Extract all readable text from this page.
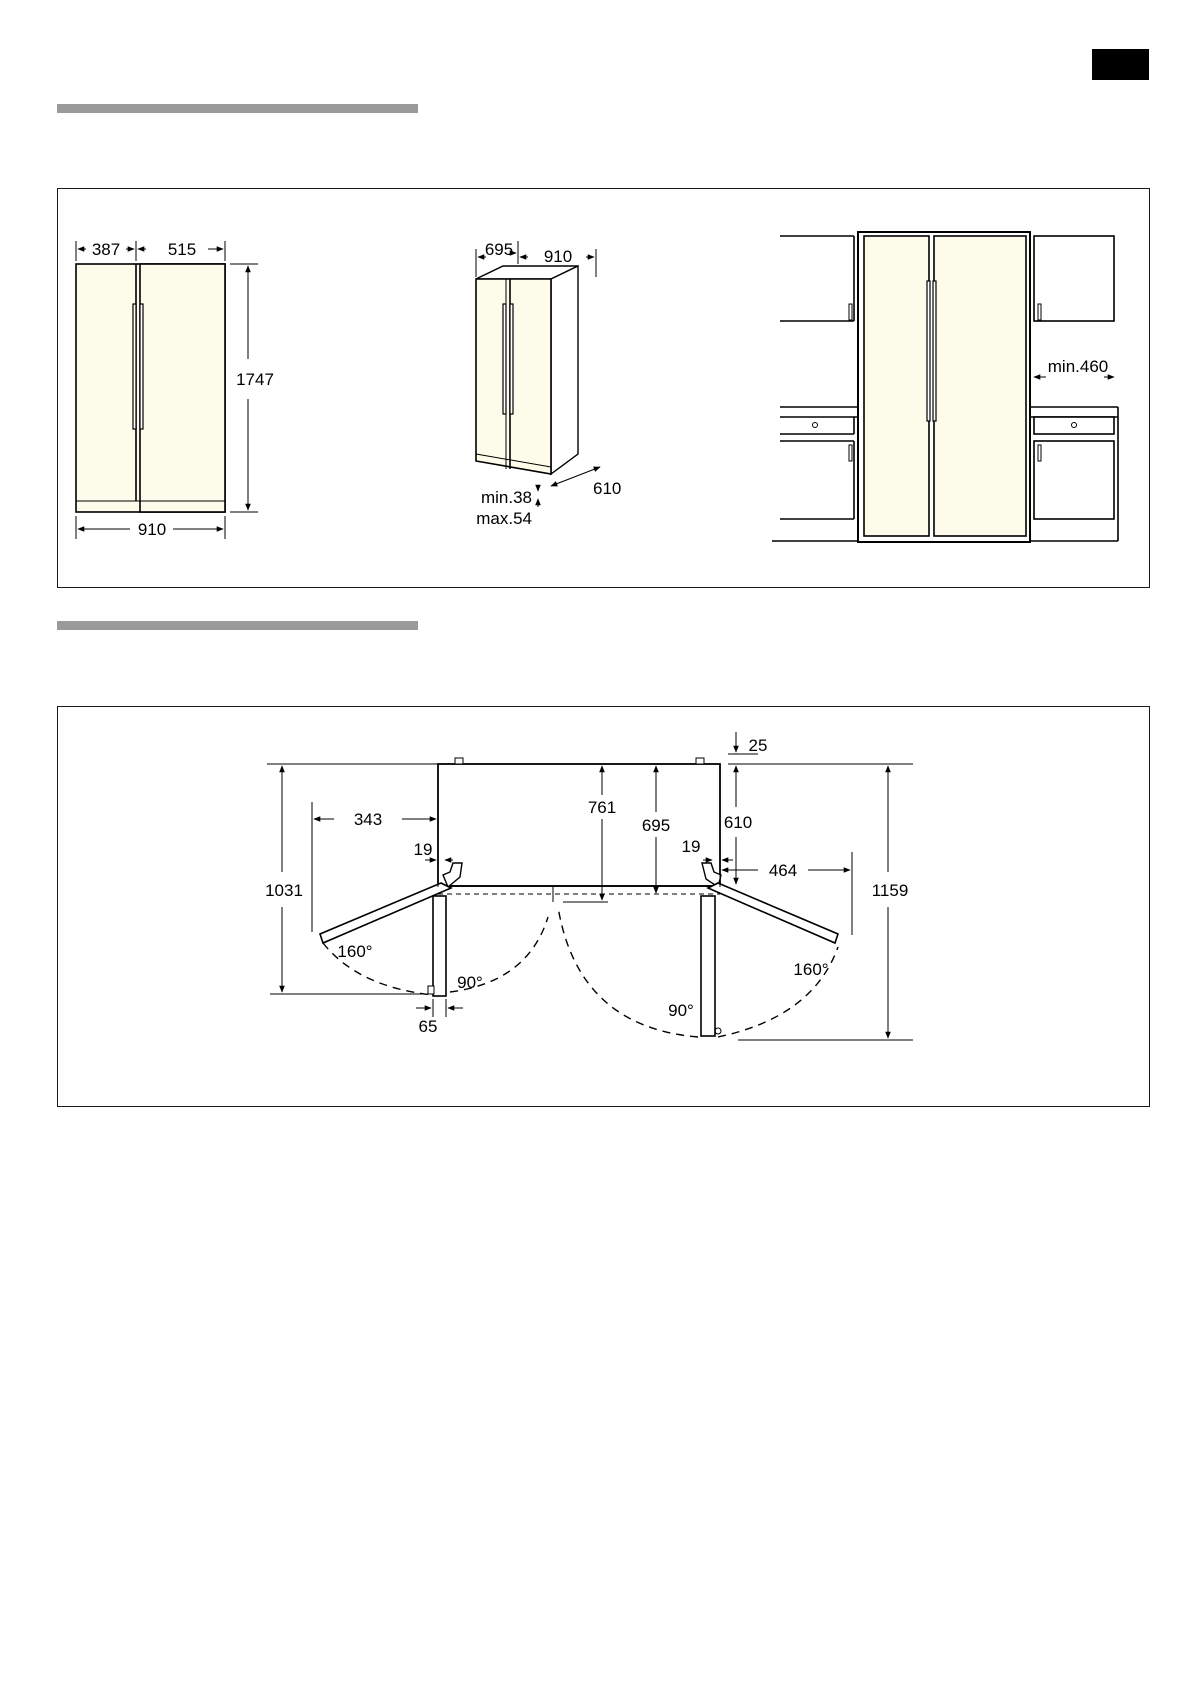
387	515
1747
910
695 910
610
min.38
max.54
min.460
1031
343
19
65
761
695
25
610
19
464
1159
160°
90°
90°
160°
